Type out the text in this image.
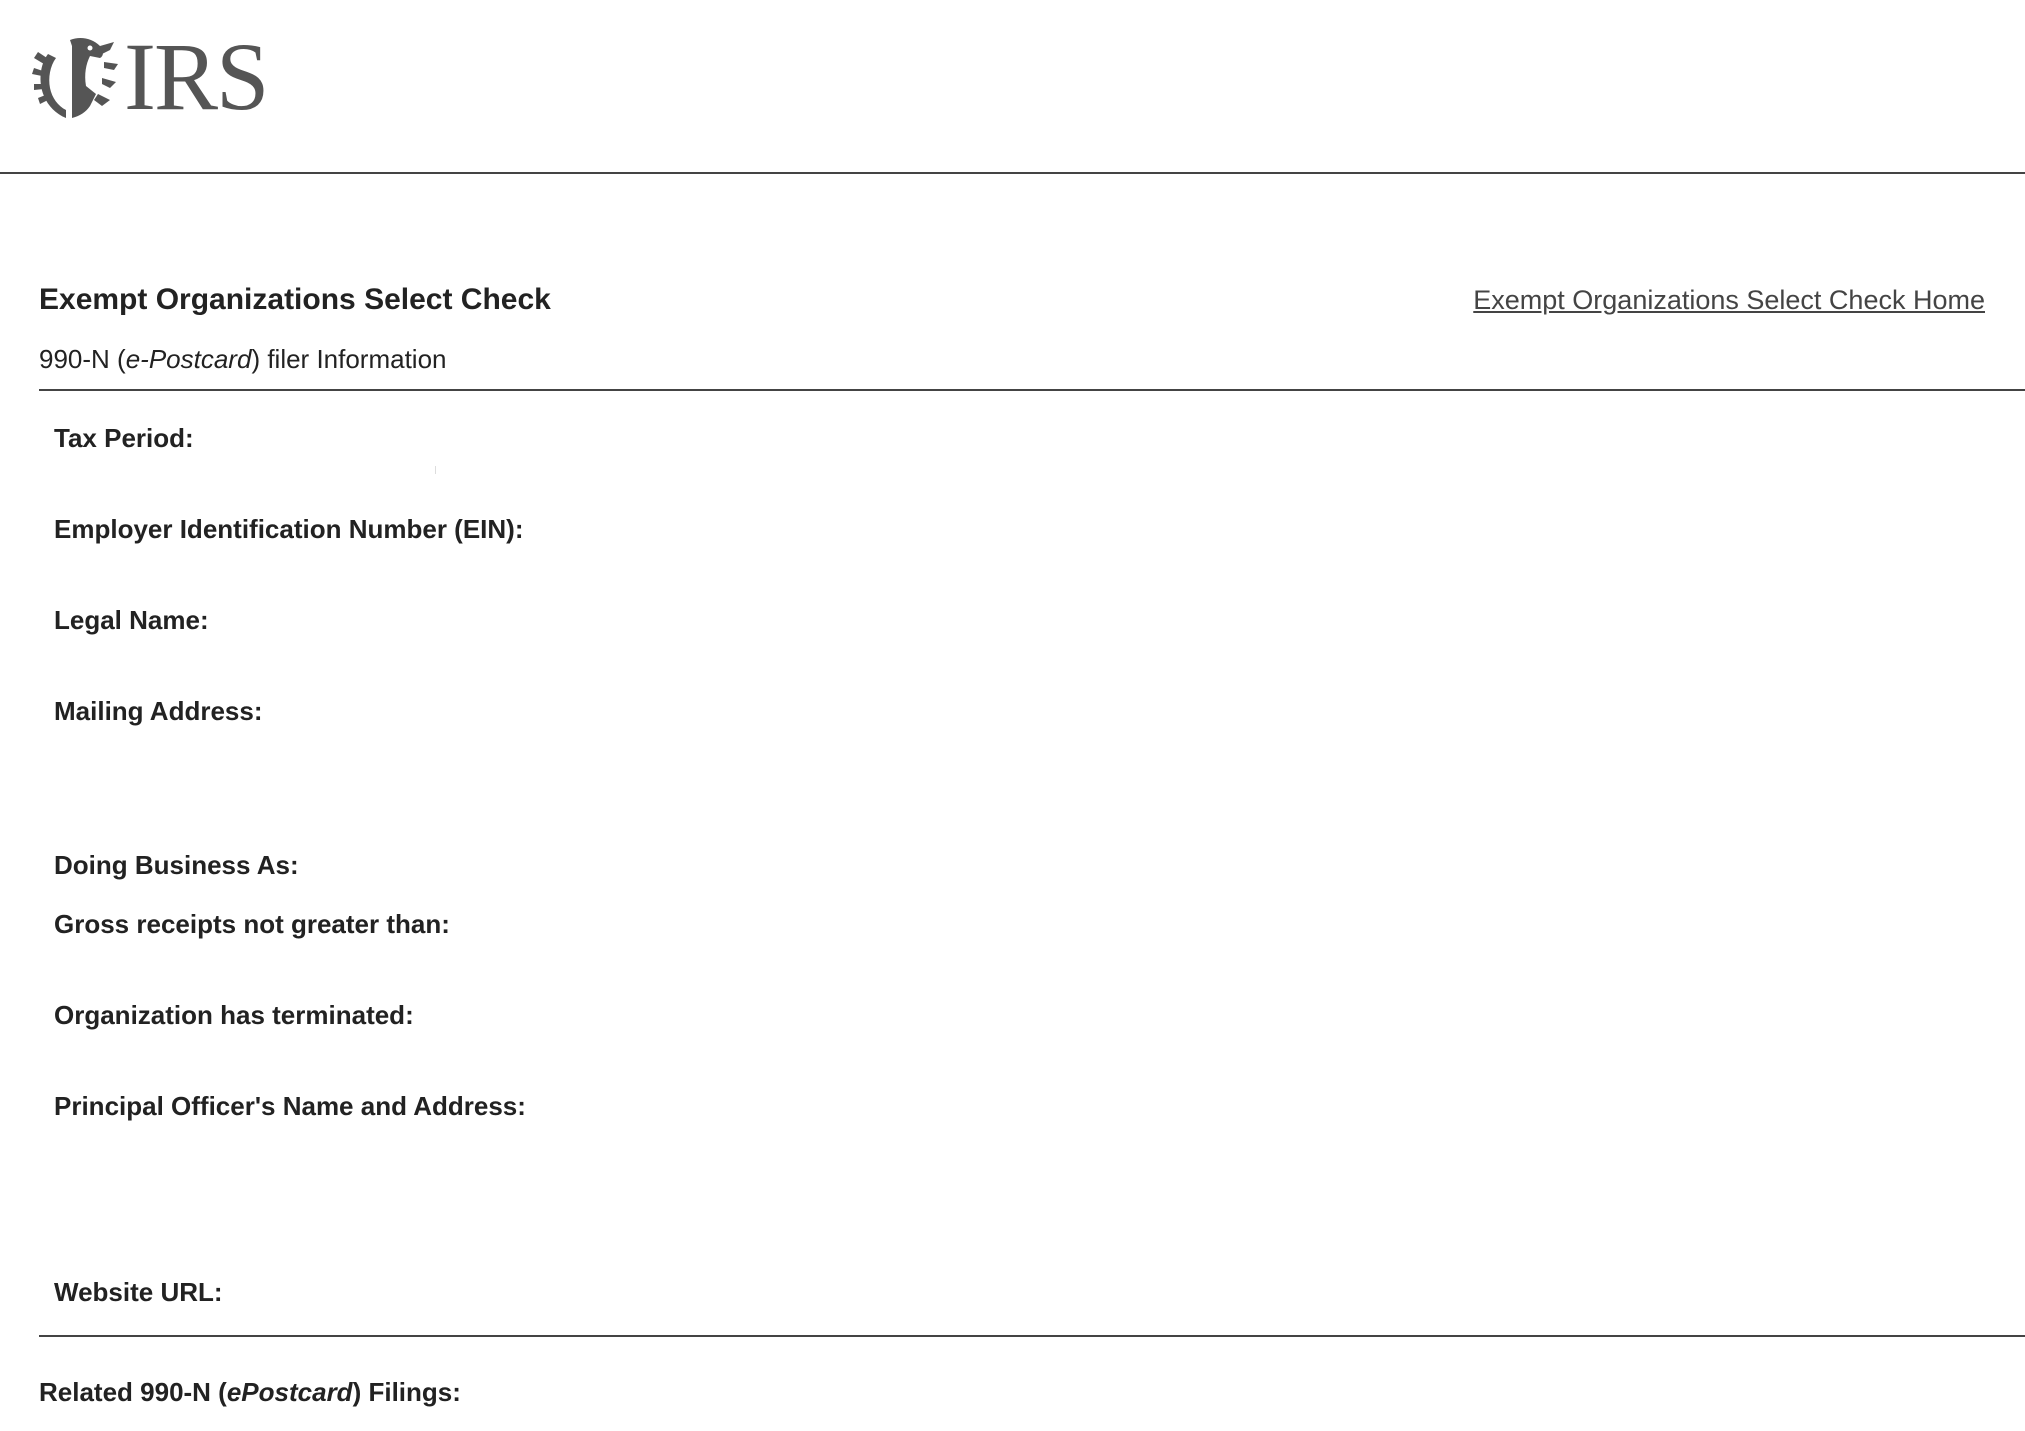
IRS
Exempt Organizations Select Check	Exempt Organizations Select Check Home
990-N (e-Postcard) filer Information
Tax Period:
Employer Identification Number (EIN):
Legal Name:
Mailing Address:
Doing Business As:
Gross receipts not greater than:
Organization has terminated:
Principal Officer's Name and Address:
Website URL:
Related 990-N (ePostcard) Filings:
